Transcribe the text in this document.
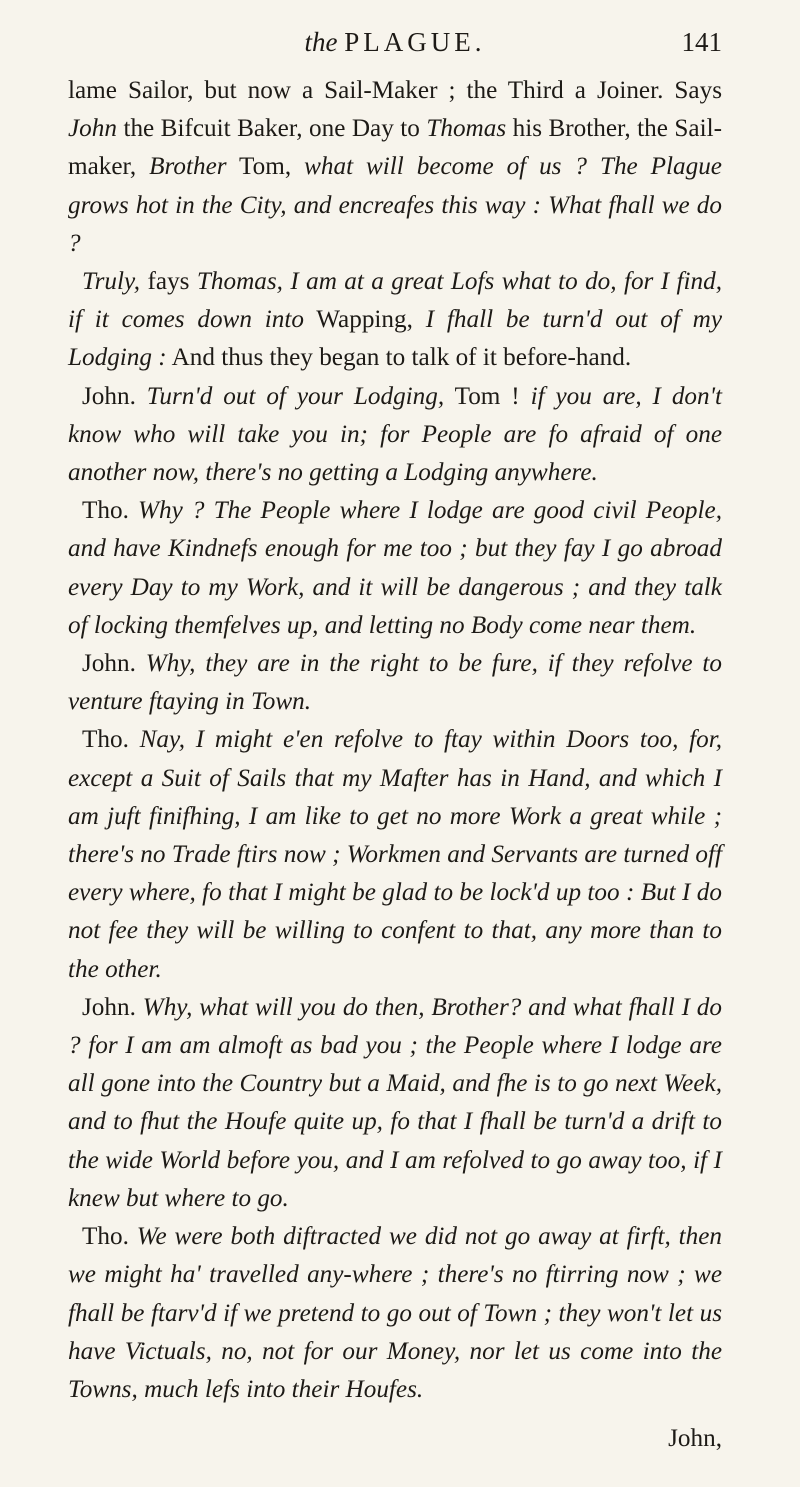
the PLAGUE.	141

lame Sailor, but now a Sail-Maker ; the Third a Joiner. Says John the Bifcuit Baker, one Day to Thomas his Brother, the Sail-maker, Brother Tom, what will become of us ? The Plague grows hot in the City, and encreafes this way : What fhall we do ?

Truly, fays Thomas, I am at a great Lofs what to do, for I find, if it comes down into Wapping, I fhall be turn'd out of my Lodging : And thus they began to talk of it before-hand.

John. Turn'd out of your Lodging, Tom ! if you are, I don't know who will take you in; for People are fo afraid of one another now, there's no getting a Lodging anywhere.

Tho. Why ? The People where I lodge are good civil People, and have Kindnefs enough for me too ; but they fay I go abroad every Day to my Work, and it will be dangerous ; and they talk of locking themfelves up, and letting no Body come near them.

John. Why, they are in the right to be fure, if they refolve to venture ftaying in Town.

Tho. Nay, I might e'en refolve to ftay within Doors too, for, except a Suit of Sails that my Mafter has in Hand, and which I am juft finifhing, I am like to get no more Work a great while ; there's no Trade ftirs now ; Workmen and Servants are turned off every where, fo that I might be glad to be lock'd up too : But I do not fee they will be willing to confent to that, any more than to the other.

John. Why, what will you do then, Brother? and what fhall I do ? for I am am almoft as bad you ; the People where I lodge are all gone into the Country but a Maid, and fhe is to go next Week, and to fhut the Houfe quite up, fo that I fhall be turn'd a drift to the wide World before you, and I am refolved to go away too, if I knew but where to go.

Tho. We were both diftracted we did not go away at firft, then we might ha' travelled any-where ; there's no ftirring now ; we fhall be ftarv'd if we pretend to go out of Town ; they won't let us have Victuals, no, not for our Money, nor let us come into the Towns, much lefs into their Houfes.

John,
